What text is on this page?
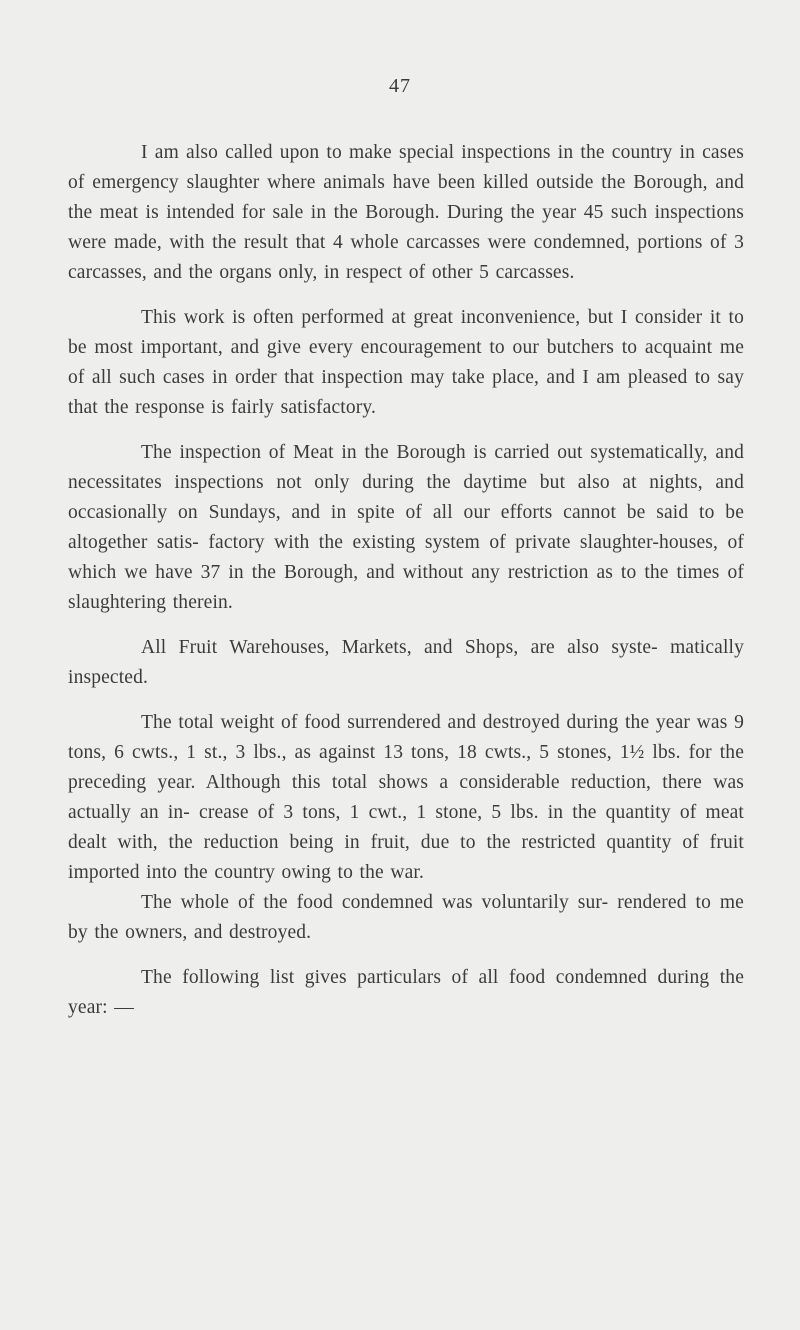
47

I am also called upon to make special inspections in the country in cases of emergency slaughter where animals have been killed outside the Borough, and the meat is intended for sale in the Borough. During the year 45 such inspections were made, with the result that 4 whole carcasses were condemned, portions of 3 carcasses, and the organs only, in respect of other 5 carcasses.

This work is often performed at great inconvenience, but I consider it to be most important, and give every encouragement to our butchers to acquaint me of all such cases in order that inspection may take place, and I am pleased to say that the response is fairly satisfactory.

The inspection of Meat in the Borough is carried out systematically, and necessitates inspections not only during the daytime but also at nights, and occasionally on Sundays, and in spite of all our efforts cannot be said to be altogether satis- factory with the existing system of private slaughter-houses, of which we have 37 in the Borough, and without any restriction as to the times of slaughtering therein.

All Fruit Warehouses, Markets, and Shops, are also syste- matically inspected.

The total weight of food surrendered and destroyed during the year was 9 tons, 6 cwts., 1 st., 3 lbs., as against 13 tons, 18 cwts., 5 stones, 1½ lbs. for the preceding year. Although this total shows a considerable reduction, there was actually an in- crease of 3 tons, 1 cwt., 1 stone, 5 lbs. in the quantity of meat dealt with, the reduction being in fruit, due to the restricted quantity of fruit imported into the country owing to the war.

The whole of the food condemned was voluntarily sur- rendered to me by the owners, and destroyed.

The following list gives particulars of all food condemned during the year: —
